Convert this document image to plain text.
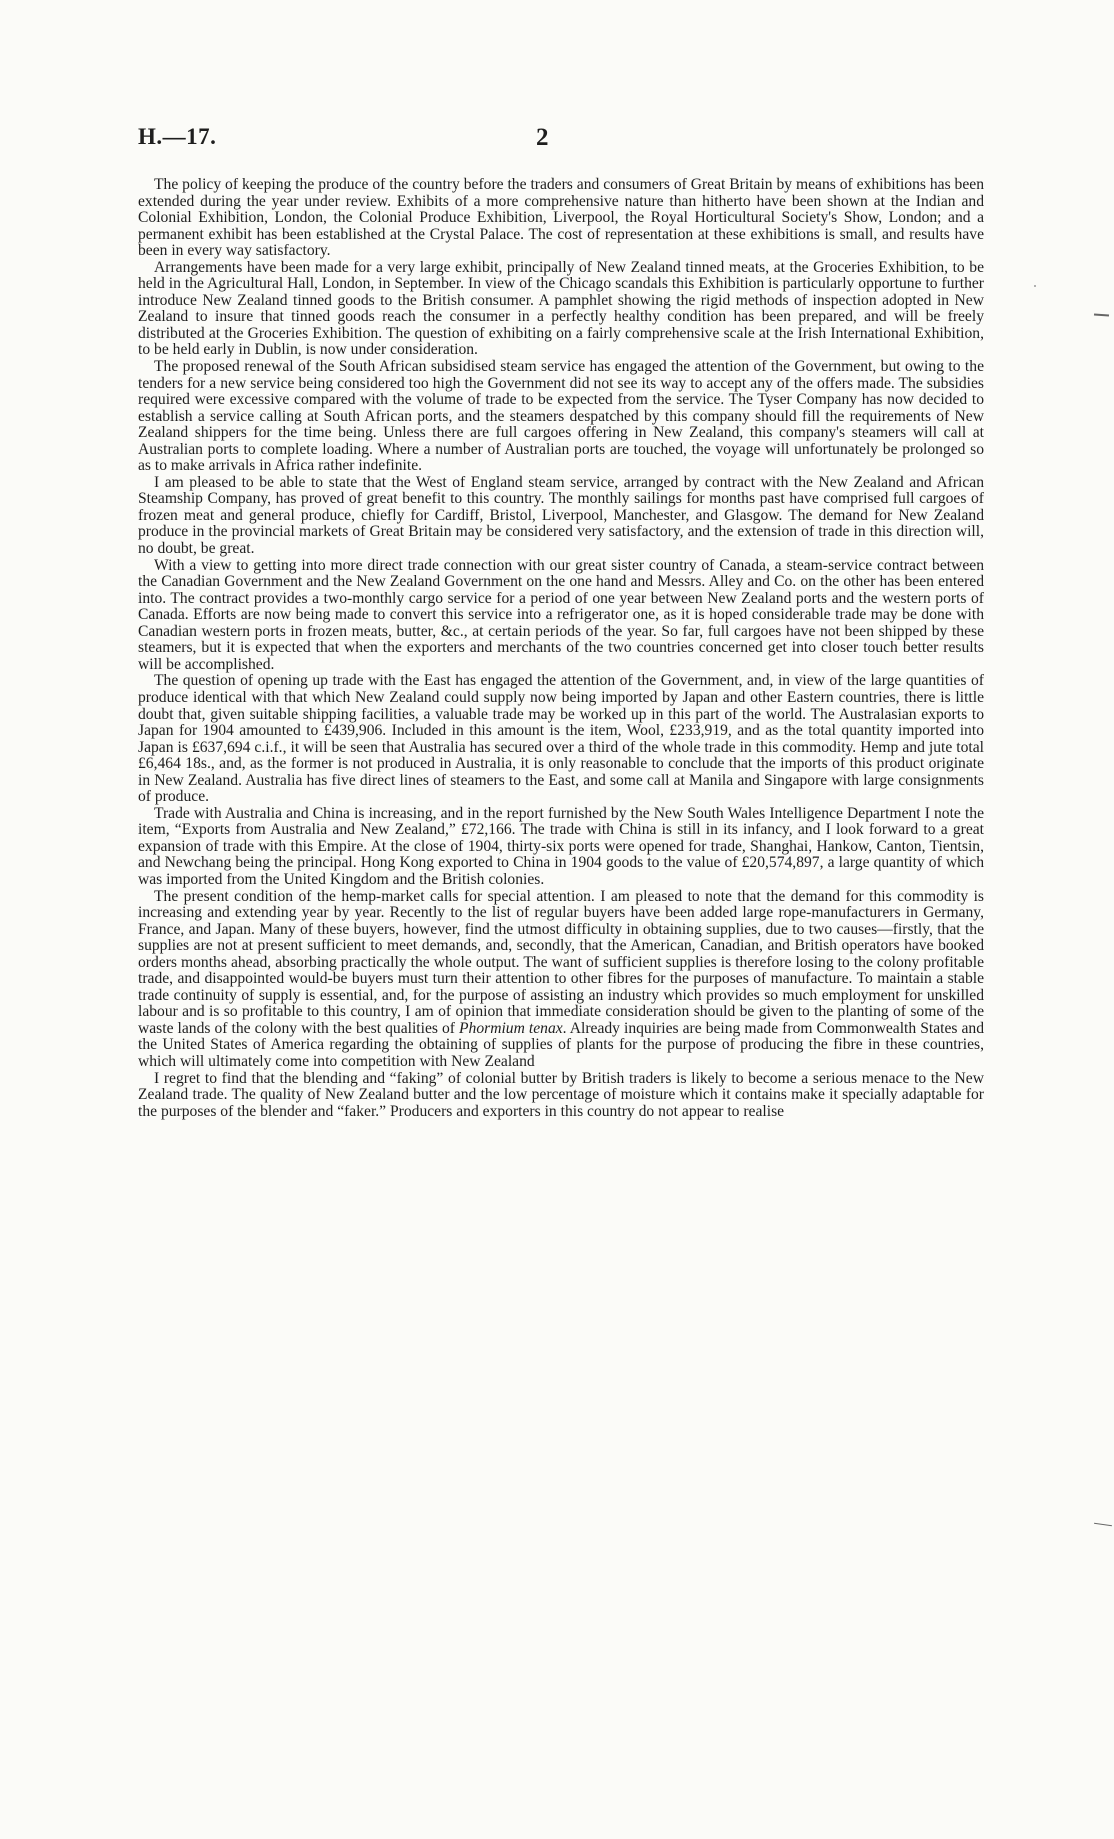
H.—17.	2

The policy of keeping the produce of the country before the traders and consumers of Great Britain by means of exhibitions has been extended during the year under review. Exhibits of a more comprehensive nature than hitherto have been shown at the Indian and Colonial Exhibition, London, the Colonial Produce Exhibition, Liverpool, the Royal Horticultural Society's Show, London; and a permanent exhibit has been established at the Crystal Palace. The cost of representation at these exhibitions is small, and results have been in every way satisfactory.

Arrangements have been made for a very large exhibit, principally of New Zealand tinned meats, at the Groceries Exhibition, to be held in the Agricultural Hall, London, in September. In view of the Chicago scandals this Exhibition is particularly opportune to further introduce New Zealand tinned goods to the British consumer. A pamphlet showing the rigid methods of inspection adopted in New Zealand to insure that tinned goods reach the consumer in a perfectly healthy condition has been prepared, and will be freely distributed at the Groceries Exhibition. The question of exhibiting on a fairly comprehensive scale at the Irish International Exhibition, to be held early in Dublin, is now under consideration.

The proposed renewal of the South African subsidised steam service has engaged the attention of the Government, but owing to the tenders for a new service being considered too high the Government did not see its way to accept any of the offers made. The subsidies required were excessive compared with the volume of trade to be expected from the service. The Tyser Company has now decided to establish a service calling at South African ports, and the steamers despatched by this company should fill the requirements of New Zealand shippers for the time being. Unless there are full cargoes offering in New Zealand, this company's steamers will call at Australian ports to complete loading. Where a number of Australian ports are touched, the voyage will unfortunately be prolonged so as to make arrivals in Africa rather indefinite.

I am pleased to be able to state that the West of England steam service, arranged by contract with the New Zealand and African Steamship Company, has proved of great benefit to this country. The monthly sailings for months past have comprised full cargoes of frozen meat and general produce, chiefly for Cardiff, Bristol, Liverpool, Manchester, and Glasgow. The demand for New Zealand produce in the provincial markets of Great Britain may be considered very satisfactory, and the extension of trade in this direction will, no doubt, be great.

With a view to getting into more direct trade connection with our great sister country of Canada, a steam-service contract between the Canadian Government and the New Zealand Government on the one hand and Messrs. Alley and Co. on the other has been entered into. The contract provides a two-monthly cargo service for a period of one year between New Zealand ports and the western ports of Canada. Efforts are now being made to convert this service into a refrigerator one, as it is hoped considerable trade may be done with Canadian western ports in frozen meats, butter, &c., at certain periods of the year. So far, full cargoes have not been shipped by these steamers, but it is expected that when the exporters and merchants of the two countries concerned get into closer touch better results will be accomplished.

The question of opening up trade with the East has engaged the attention of the Government, and, in view of the large quantities of produce identical with that which New Zealand could supply now being imported by Japan and other Eastern countries, there is little doubt that, given suitable shipping facilities, a valuable trade may be worked up in this part of the world. The Australasian exports to Japan for 1904 amounted to £439,906. Included in this amount is the item, Wool, £233,919, and as the total quantity imported into Japan is £637,694 c.i.f., it will be seen that Australia has secured over a third of the whole trade in this commodity. Hemp and jute total £6,464 18s., and, as the former is not produced in Australia, it is only reasonable to conclude that the imports of this product originate in New Zealand. Australia has five direct lines of steamers to the East, and some call at Manila and Singapore with large consignments of produce.

Trade with Australia and China is increasing, and in the report furnished by the New South Wales Intelligence Department I note the item, “Exports from Australia and New Zealand,” £72,166. The trade with China is still in its infancy, and I look forward to a great expansion of trade with this Empire. At the close of 1904, thirty-six ports were opened for trade, Shanghai, Hankow, Canton, Tientsin, and Newchang being the principal. Hong Kong exported to China in 1904 goods to the value of £20,574,897, a large quantity of which was imported from the United Kingdom and the British colonies.

The present condition of the hemp-market calls for special attention. I am pleased to note that the demand for this commodity is increasing and extending year by year. Recently to the list of regular buyers have been added large rope-manufacturers in Germany, France, and Japan. Many of these buyers, however, find the utmost difficulty in obtaining supplies, due to two causes—firstly, that the supplies are not at present sufficient to meet demands, and, secondly, that the American, Canadian, and British operators have booked orders months ahead, absorbing practically the whole output. The want of sufficient supplies is therefore losing to the colony profitable trade, and disappointed would-be buyers must turn their attention to other fibres for the purposes of manufacture. To maintain a stable trade continuity of supply is essential, and, for the purpose of assisting an industry which provides so much employment for unskilled labour and is so profitable to this country, I am of opinion that immediate consideration should be given to the planting of some of the waste lands of the colony with the best qualities of Phormium tenax. Already inquiries are being made from Commonwealth States and the United States of America regarding the obtaining of supplies of plants for the purpose of producing the fibre in these countries, which will ultimately come into competition with New Zealand

I regret to find that the blending and “faking” of colonial butter by British traders is likely to become a serious menace to the New Zealand trade. The quality of New Zealand butter and the low percentage of moisture which it contains make it specially adaptable for the purposes of the blender and “faker.” Producers and exporters in this country do not appear to realise
